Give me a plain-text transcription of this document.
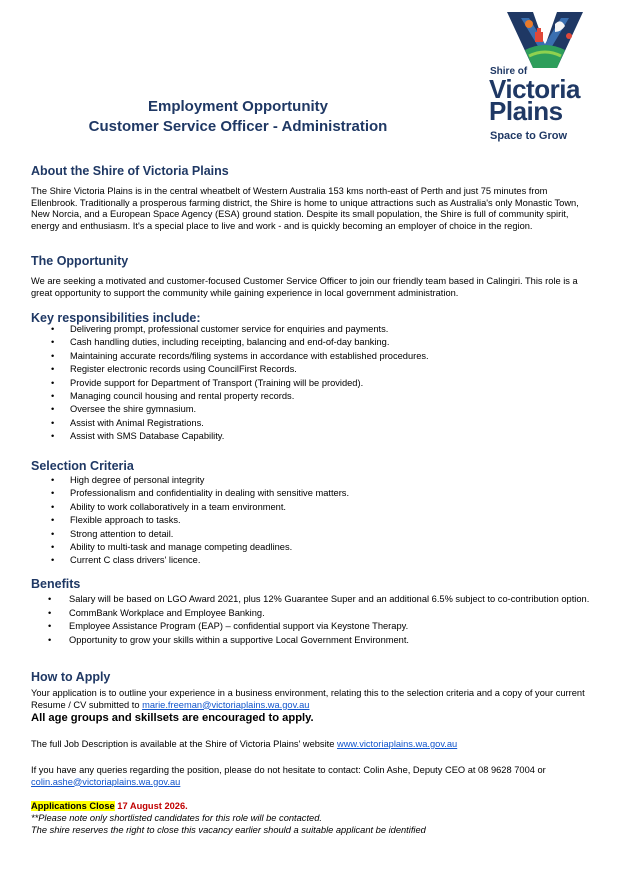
Employment Opportunity
Customer Service Officer - Administration
Shire of
Victoria
Plains
Space to Grow
About the Shire of Victoria Plains
The Shire Victoria Plains is in the central wheatbelt of Western Australia 153 kms north-east of Perth and just 75 minutes from Ellenbrook. Traditionally a prosperous farming district, the Shire is home to unique attractions such as Australia's only Monastic Town, New Norcia, and a European Space Agency (ESA) ground station. Despite its small population, the Shire is full of community spirit, energy and enthusiasm. It's a special place to live and work - and is quickly becoming an employer of choice in the region.
The Opportunity
We are seeking a motivated and customer-focused Customer Service Officer to join our friendly team based in Calingiri. This role is a great opportunity to support the community while gaining experience in local government administration.
Key responsibilities include:
• Delivering prompt, professional customer service for enquiries and payments.
• Cash handling duties, including receipting, balancing and end-of-day banking.
• Maintaining accurate records/filing systems in accordance with established procedures.
• Register electronic records using CouncilFirst Records.
• Provide support for Department of Transport (Training will be provided).
• Managing council housing and rental property records.
• Oversee the shire gymnasium.
• Assist with Animal Registrations.
• Assist with SMS Database Capability.
Selection Criteria
• High degree of personal integrity
• Professionalism and confidentiality in dealing with sensitive matters.
• Ability to work collaboratively in a team environment.
• Flexible approach to tasks.
• Strong attention to detail.
• Ability to multi-task and manage competing deadlines.
• Current C class drivers' licence.
Benefits
• Salary will be based on LGO Award 2021, plus 12% Guarantee Super and an additional 6.5% subject to co-contribution option.
• CommBank Workplace and Employee Banking.
• Employee Assistance Program (EAP) – confidential support via Keystone Therapy.
• Opportunity to grow your skills within a supportive Local Government Environment.
How to Apply
Your application is to outline your experience in a business environment, relating this to the selection criteria and a copy of your current Resume / CV submitted to marie.freeman@victoriaplains.wa.gov.au
All age groups and skillsets are encouraged to apply.
The full Job Description is available at the Shire of Victoria Plains' website www.victoriaplains.wa.gov.au
If you have any queries regarding the position, please do not hesitate to contact: Colin Ashe, Deputy CEO at 08 9628 7004 or colin.ashe@victoriaplains.wa.gov.au
Applications Close 17 August 2026.
**Please note only shortlisted candidates for this role will be contacted.
The shire reserves the right to close this vacancy earlier should a suitable applicant be identified
